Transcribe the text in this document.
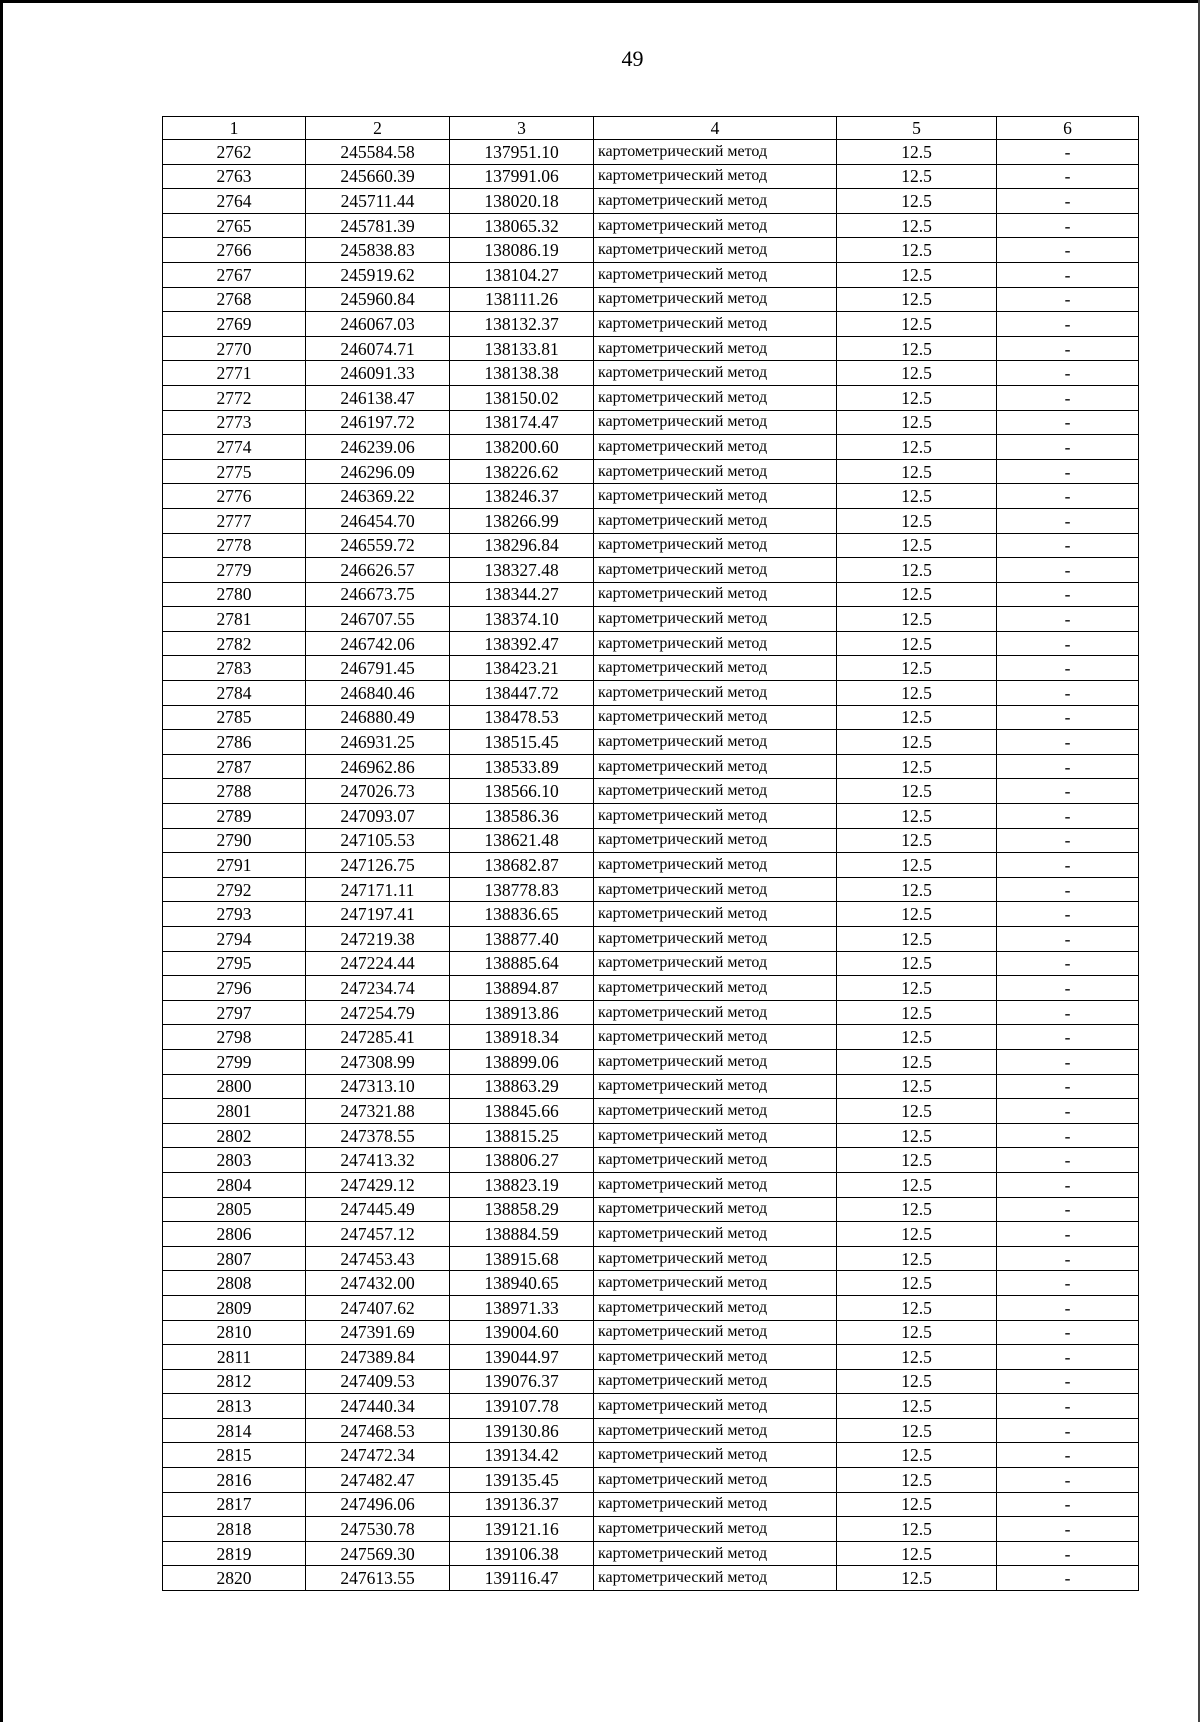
49
1	2	3	4	5	6
2762	245584.58	137951.10	картометрический метод	12.5	-
2763	245660.39	137991.06	картометрический метод	12.5	-
2764	245711.44	138020.18	картометрический метод	12.5	-
2765	245781.39	138065.32	картометрический метод	12.5	-
2766	245838.83	138086.19	картометрический метод	12.5	-
2767	245919.62	138104.27	картометрический метод	12.5	-
2768	245960.84	138111.26	картометрический метод	12.5	-
2769	246067.03	138132.37	картометрический метод	12.5	-
2770	246074.71	138133.81	картометрический метод	12.5	-
2771	246091.33	138138.38	картометрический метод	12.5	-
2772	246138.47	138150.02	картометрический метод	12.5	-
2773	246197.72	138174.47	картометрический метод	12.5	-
2774	246239.06	138200.60	картометрический метод	12.5	-
2775	246296.09	138226.62	картометрический метод	12.5	-
2776	246369.22	138246.37	картометрический метод	12.5	-
2777	246454.70	138266.99	картометрический метод	12.5	-
2778	246559.72	138296.84	картометрический метод	12.5	-
2779	246626.57	138327.48	картометрический метод	12.5	-
2780	246673.75	138344.27	картометрический метод	12.5	-
2781	246707.55	138374.10	картометрический метод	12.5	-
2782	246742.06	138392.47	картометрический метод	12.5	-
2783	246791.45	138423.21	картометрический метод	12.5	-
2784	246840.46	138447.72	картометрический метод	12.5	-
2785	246880.49	138478.53	картометрический метод	12.5	-
2786	246931.25	138515.45	картометрический метод	12.5	-
2787	246962.86	138533.89	картометрический метод	12.5	-
2788	247026.73	138566.10	картометрический метод	12.5	-
2789	247093.07	138586.36	картометрический метод	12.5	-
2790	247105.53	138621.48	картометрический метод	12.5	-
2791	247126.75	138682.87	картометрический метод	12.5	-
2792	247171.11	138778.83	картометрический метод	12.5	-
2793	247197.41	138836.65	картометрический метод	12.5	-
2794	247219.38	138877.40	картометрический метод	12.5	-
2795	247224.44	138885.64	картометрический метод	12.5	-
2796	247234.74	138894.87	картометрический метод	12.5	-
2797	247254.79	138913.86	картометрический метод	12.5	-
2798	247285.41	138918.34	картометрический метод	12.5	-
2799	247308.99	138899.06	картометрический метод	12.5	-
2800	247313.10	138863.29	картометрический метод	12.5	-
2801	247321.88	138845.66	картометрический метод	12.5	-
2802	247378.55	138815.25	картометрический метод	12.5	-
2803	247413.32	138806.27	картометрический метод	12.5	-
2804	247429.12	138823.19	картометрический метод	12.5	-
2805	247445.49	138858.29	картометрический метод	12.5	-
2806	247457.12	138884.59	картометрический метод	12.5	-
2807	247453.43	138915.68	картометрический метод	12.5	-
2808	247432.00	138940.65	картометрический метод	12.5	-
2809	247407.62	138971.33	картометрический метод	12.5	-
2810	247391.69	139004.60	картометрический метод	12.5	-
2811	247389.84	139044.97	картометрический метод	12.5	-
2812	247409.53	139076.37	картометрический метод	12.5	-
2813	247440.34	139107.78	картометрический метод	12.5	-
2814	247468.53	139130.86	картометрический метод	12.5	-
2815	247472.34	139134.42	картометрический метод	12.5	-
2816	247482.47	139135.45	картометрический метод	12.5	-
2817	247496.06	139136.37	картометрический метод	12.5	-
2818	247530.78	139121.16	картометрический метод	12.5	-
2819	247569.30	139106.38	картометрический метод	12.5	-
2820	247613.55	139116.47	картометрический метод	12.5	-
